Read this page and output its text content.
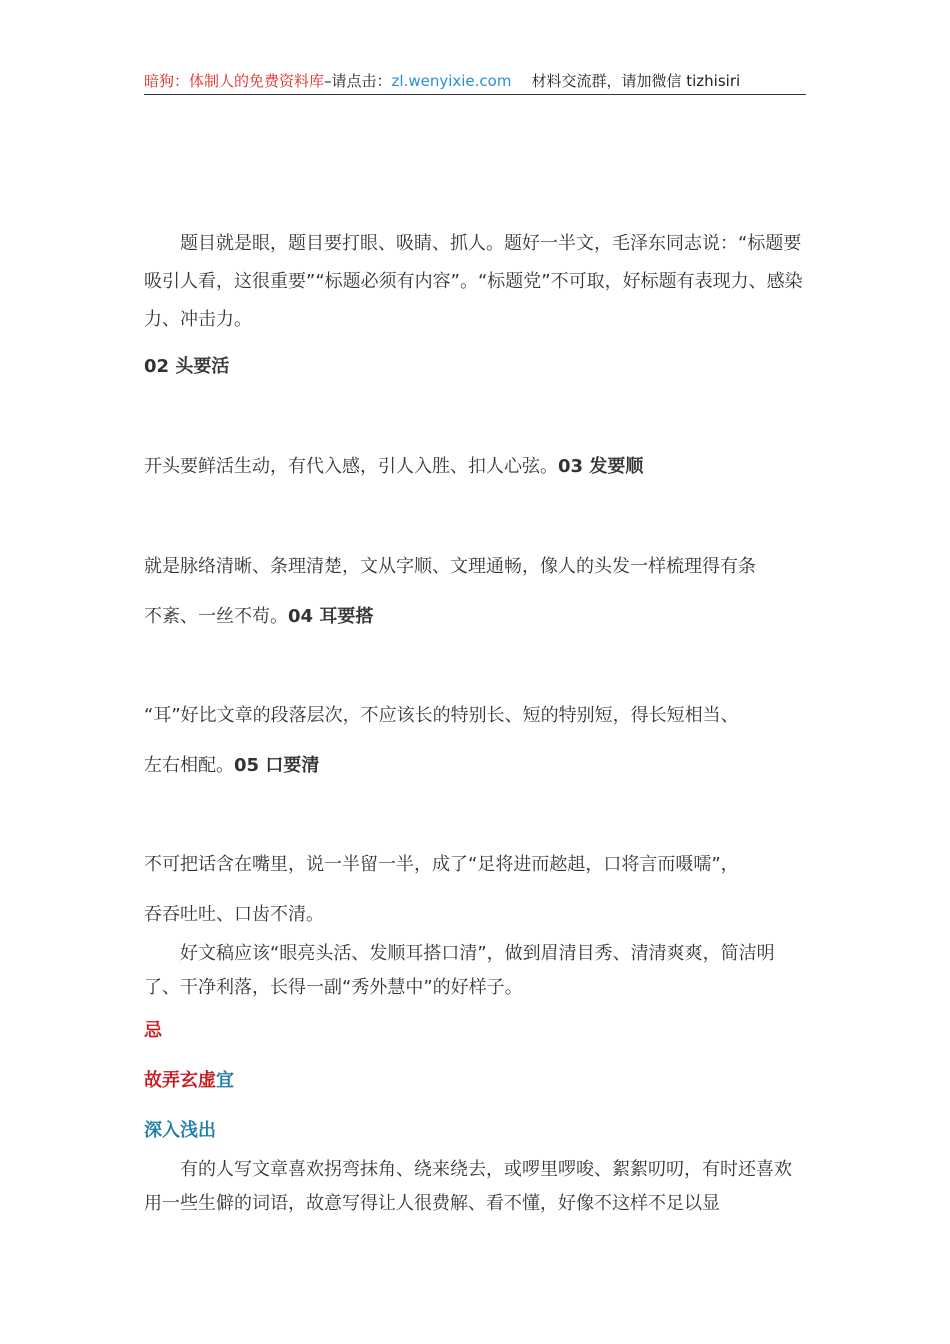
暗狗：体制人的免费资料库–请点击：zl.wenyixie.com 材料交流群，请加微信 tizhisiri
题目就是眼，题目要打眼、吸睛、抓人。题好一半文，毛泽东同志说：“标题要吸引人看，这很重要”“标题必须有内容”。“标题党”不可取，好标题有表现力、感染力、冲击力。
02 头要活
开头要鲜活生动，有代入感，引人入胜、扣人心弦。03 发要顺
就是脉络清晰、条理清楚，文从字顺、文理通畅，像人的头发一样梳理得有条
不紊、一丝不苟。04 耳要搭
“耳”好比文章的段落层次，不应该长的特别长、短的特别短，得长短相当、
左右相配。05 口要清
不可把话含在嘴里，说一半留一半，成了“足将进而趑趄，口将言而嗫嚅”，
吞吞吐吐、口齿不清。
好文稿应该“眼亮头活、发顺耳搭口清”，做到眉清目秀、清清爽爽，简洁明了、干净利落，长得一副“秀外慧中”的好样子。
忌
故弄玄虚宜
深入浅出
有的人写文章喜欢拐弯抹角、绕来绕去，或啰里啰唆、絮絮叨叨，有时还喜欢用一些生僻的词语，故意写得让人很费解、看不懂，好像不这样不足以显
